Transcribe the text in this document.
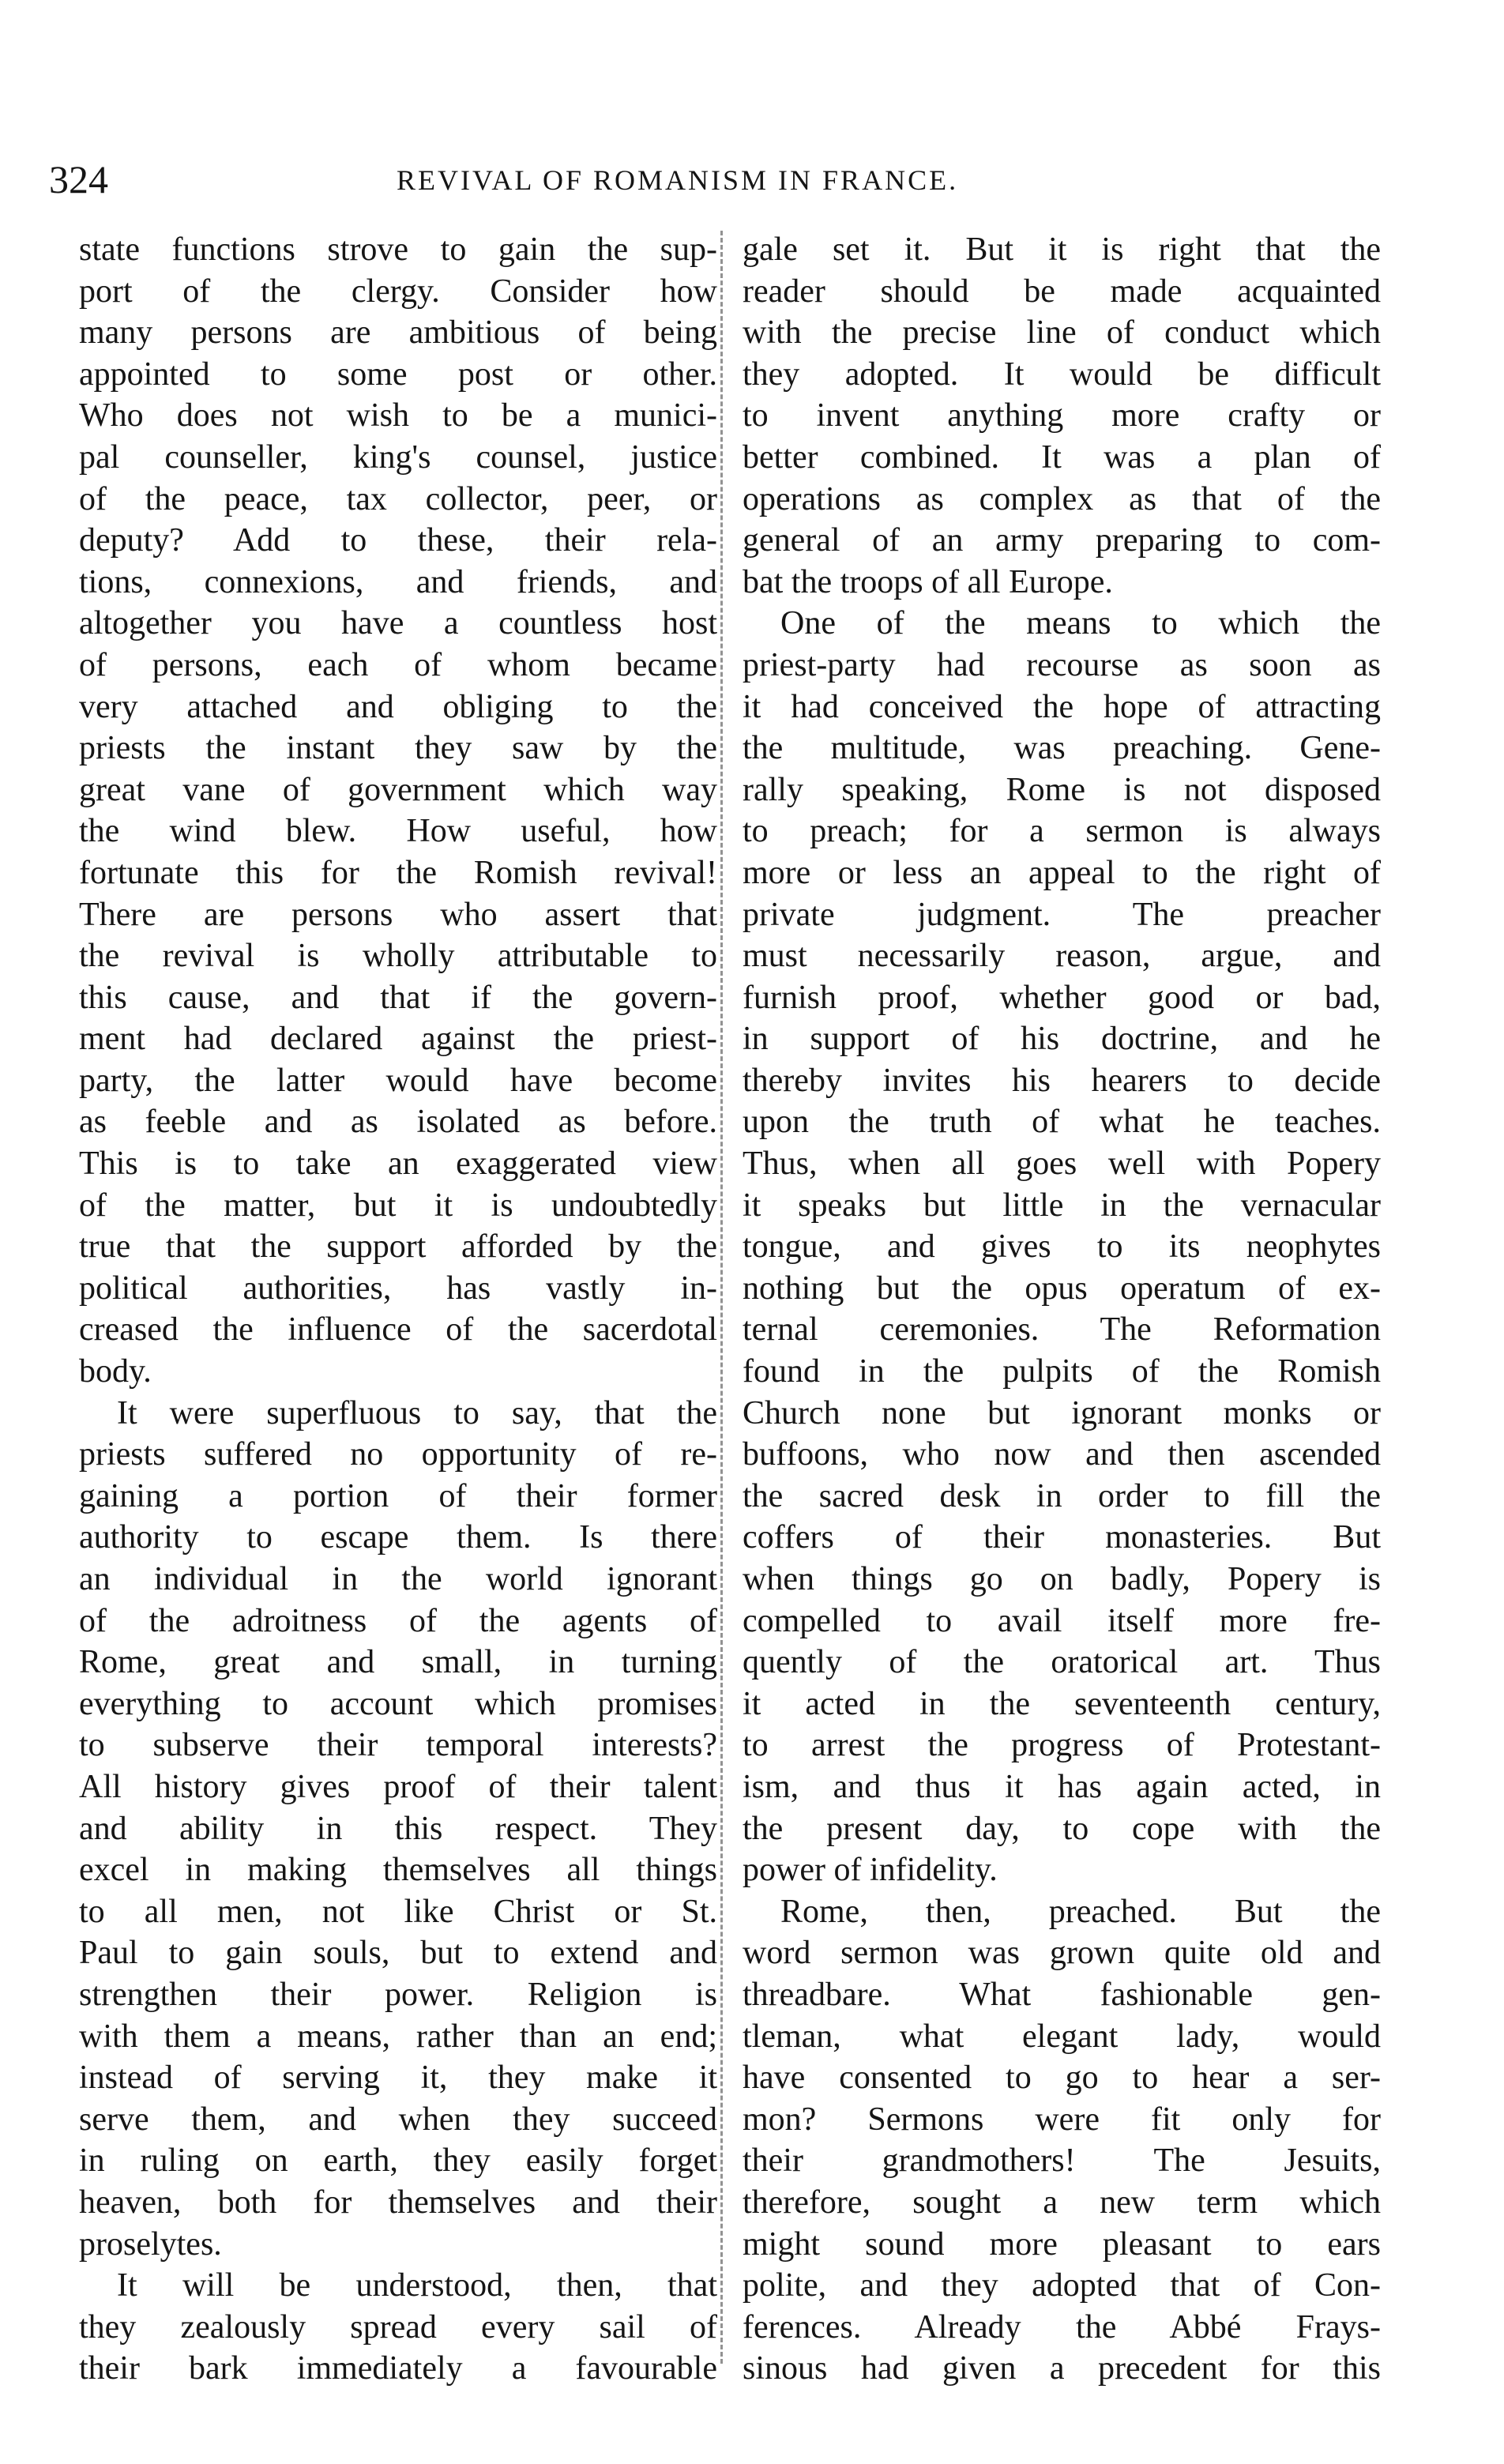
324	REVIVAL OF ROMANISM IN FRANCE.
state functions strove to gain the sup-
port of the clergy. Consider how
many persons are ambitious of being
appointed to some post or other.
Who does not wish to be a munici-
pal counseller, king's counsel, justice
of the peace, tax collector, peer, or
deputy? Add to these, their rela-
tions, connexions, and friends, and
altogether you have a countless host
of persons, each of whom became
very attached and obliging to the
priests the instant they saw by the
great vane of government which way
the wind blew. How useful, how
fortunate this for the Romish revival!
There are persons who assert that
the revival is wholly attributable to
this cause, and that if the govern-
ment had declared against the priest-
party, the latter would have become
as feeble and as isolated as before.
This is to take an exaggerated view
of the matter, but it is undoubtedly
true that the support afforded by the
political authorities, has vastly in-
creased the influence of the sacerdotal
body.
It were superfluous to say, that the
priests suffered no opportunity of re-
gaining a portion of their former
authority to escape them. Is there
an individual in the world ignorant
of the adroitness of the agents of
Rome, great and small, in turning
everything to account which promises
to subserve their temporal interests?
All history gives proof of their talent
and ability in this respect. They
excel in making themselves all things
to all men, not like Christ or St.
Paul to gain souls, but to extend and
strengthen their power. Religion is
with them a means, rather than an end;
instead of serving it, they make it
serve them, and when they succeed
in ruling on earth, they easily forget
heaven, both for themselves and their
proselytes.
It will be understood, then, that
they zealously spread every sail of
their bark immediately a favourable
gale set it. But it is right that the
reader should be made acquainted
with the precise line of conduct which
they adopted. It would be difficult
to invent anything more crafty or
better combined. It was a plan of
operations as complex as that of the
general of an army preparing to com-
bat the troops of all Europe.
One of the means to which the
priest-party had recourse as soon as
it had conceived the hope of attracting
the multitude, was preaching. Gene-
rally speaking, Rome is not disposed
to preach; for a sermon is always
more or less an appeal to the right of
private judgment. The preacher
must necessarily reason, argue, and
furnish proof, whether good or bad,
in support of his doctrine, and he
thereby invites his hearers to decide
upon the truth of what he teaches.
Thus, when all goes well with Popery
it speaks but little in the vernacular
tongue, and gives to its neophytes
nothing but the opus operatum of ex-
ternal ceremonies. The Reformation
found in the pulpits of the Romish
Church none but ignorant monks or
buffoons, who now and then ascended
the sacred desk in order to fill the
coffers of their monasteries. But
when things go on badly, Popery is
compelled to avail itself more fre-
quently of the oratorical art. Thus
it acted in the seventeenth century,
to arrest the progress of Protestant-
ism, and thus it has again acted, in
the present day, to cope with the
power of infidelity.
Rome, then, preached. But the
word sermon was grown quite old and
threadbare. What fashionable gen-
tleman, what elegant lady, would
have consented to go to hear a ser-
mon? Sermons were fit only for
their grandmothers! The Jesuits,
therefore, sought a new term which
might sound more pleasant to ears
polite, and they adopted that of Con-
ferences. Already the Abbé Frays-
sinous had given a precedent for this
